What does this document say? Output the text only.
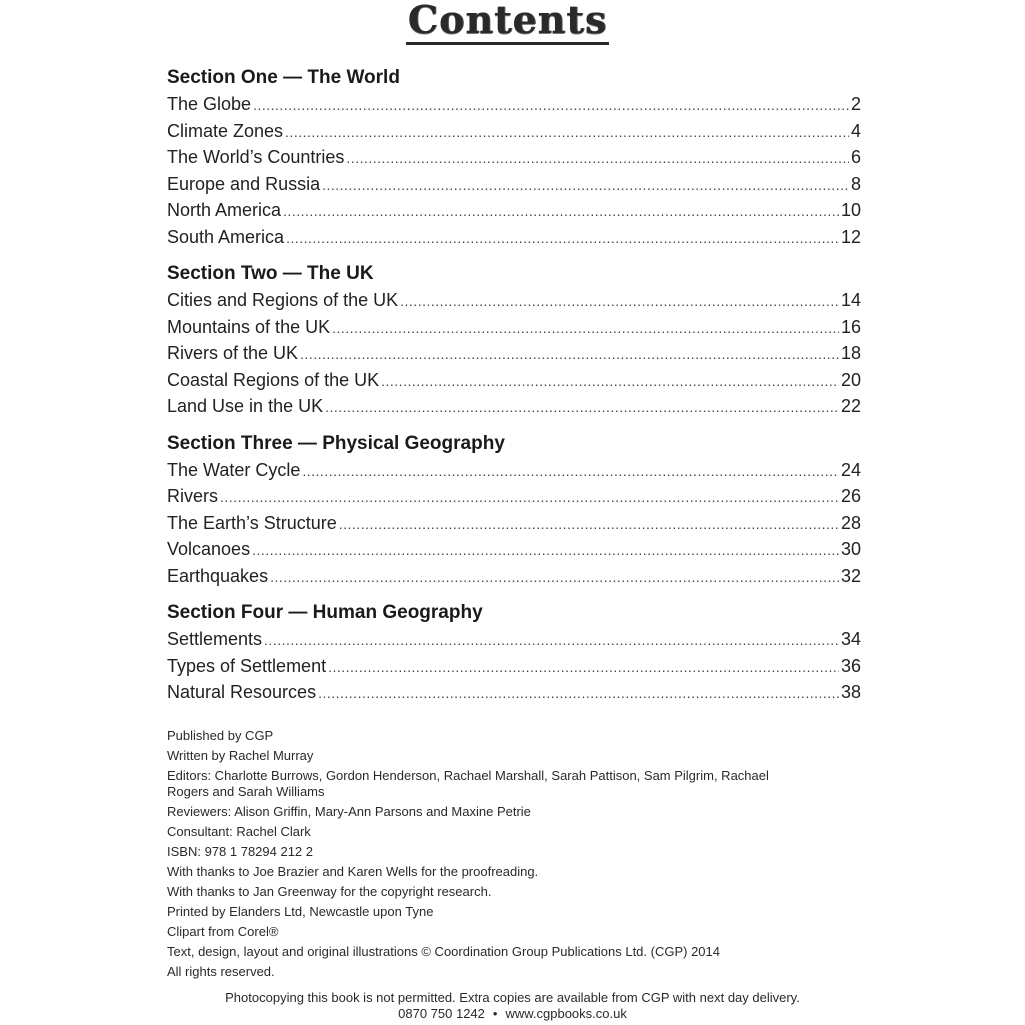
Contents
Section One — The World
The Globe .....	2
Climate Zones .....	4
The World’s Countries .....	6
Europe and Russia .....	8
North America .....	10
South America .....	12
Section Two — The UK
Cities and Regions of the UK .....	14
Mountains of the UK .....	16
Rivers of the UK .....	18
Coastal Regions of the UK .....	20
Land Use in the UK .....	22
Section Three — Physical Geography
The Water Cycle .....	24
Rivers .....	26
The Earth’s Structure .....	28
Volcanoes .....	30
Earthquakes .....	32
Section Four — Human Geography
Settlements .....	34
Types of Settlement .....	36
Natural Resources .....	38
Published by CGP
Written by Rachel Murray
Editors: Charlotte Burrows, Gordon Henderson, Rachael Marshall, Sarah Pattison, Sam Pilgrim, Rachael Rogers and Sarah Williams
Reviewers: Alison Griffin, Mary-Ann Parsons and Maxine Petrie
Consultant: Rachel Clark
ISBN: 978 1 78294 212 2
With thanks to Joe Brazier and Karen Wells for the proofreading.
With thanks to Jan Greenway for the copyright research.
Printed by Elanders Ltd, Newcastle upon Tyne
Clipart from Corel®
Text, design, layout and original illustrations © Coordination Group Publications Ltd. (CGP) 2014
All rights reserved.
Photocopying this book is not permitted. Extra copies are available from CGP with next day delivery.
0870 750 1242 • www.cgpbooks.co.uk
